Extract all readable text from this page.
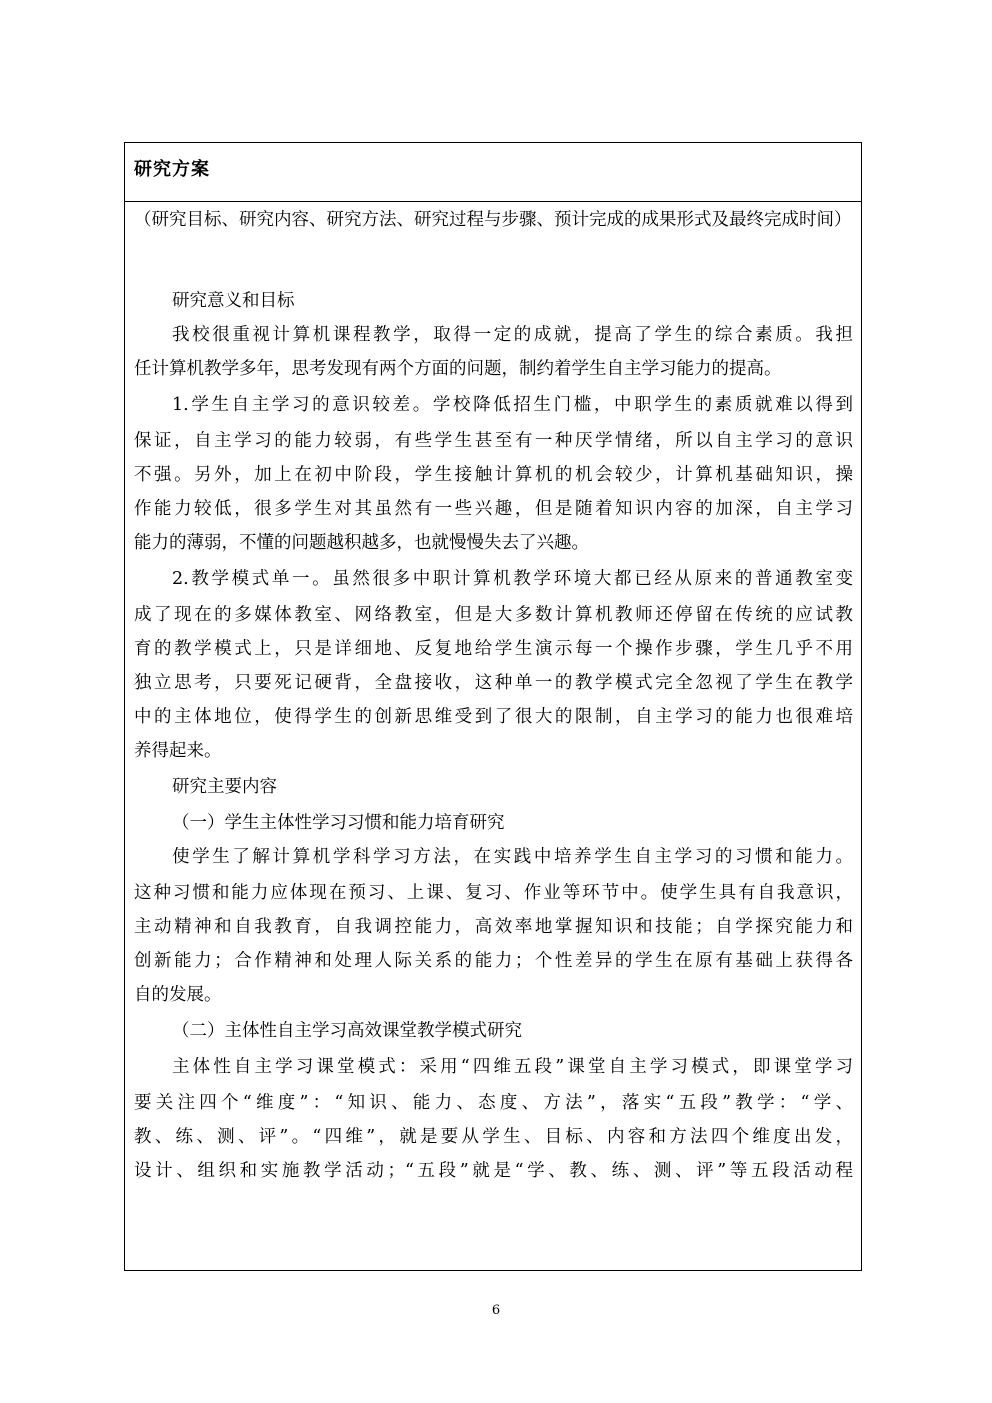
研究方案
（研究目标、研究内容、研究方法、研究过程与步骤、预计完成的成果形式及最终完成时间）
研究意义和目标
我校很重视计算机课程教学，取得一定的成就，提高了学生的综合素质。我担
任计算机教学多年，思考发现有两个方面的问题，制约着学生自主学习能力的提高。
1.学生自主学习的意识较差。学校降低招生门槛，中职学生的素质就难以得到
保证，自主学习的能力较弱，有些学生甚至有一种厌学情绪，所以自主学习的意识
不强。另外，加上在初中阶段，学生接触计算机的机会较少，计算机基础知识，操
作能力较低，很多学生对其虽然有一些兴趣，但是随着知识内容的加深，自主学习
能力的薄弱，不懂的问题越积越多，也就慢慢失去了兴趣。
2.教学模式单一。虽然很多中职计算机教学环境大都已经从原来的普通教室变
成了现在的多媒体教室、网络教室，但是大多数计算机教师还停留在传统的应试教
育的教学模式上，只是详细地、反复地给学生演示每一个操作步骤，学生几乎不用
独立思考，只要死记硬背，全盘接收，这种单一的教学模式完全忽视了学生在教学
中的主体地位，使得学生的创新思维受到了很大的限制，自主学习的能力也很难培
养得起来。
研究主要内容
（一）学生主体性学习习惯和能力培育研究
使学生了解计算机学科学习方法，在实践中培养学生自主学习的习惯和能力。
这种习惯和能力应体现在预习、上课、复习、作业等环节中。使学生具有自我意识，
主动精神和自我教育，自我调控能力，高效率地掌握知识和技能；自学探究能力和
创新能力；合作精神和处理人际关系的能力；个性差异的学生在原有基础上获得各
自的发展。
（二）主体性自主学习高效课堂教学模式研究
主体性自主学习课堂模式：采用“四维五段”课堂自主学习模式，即课堂学习
要关注四个“维度”：“知识、能力、态度、方法”，落实“五段”教学：“学、
教、练、测、评”。“四维”，就是要从学生、目标、内容和方法四个维度出发，
设计、组织和实施教学活动；“五段”就是“学、教、练、测、评”等五段活动程
6
